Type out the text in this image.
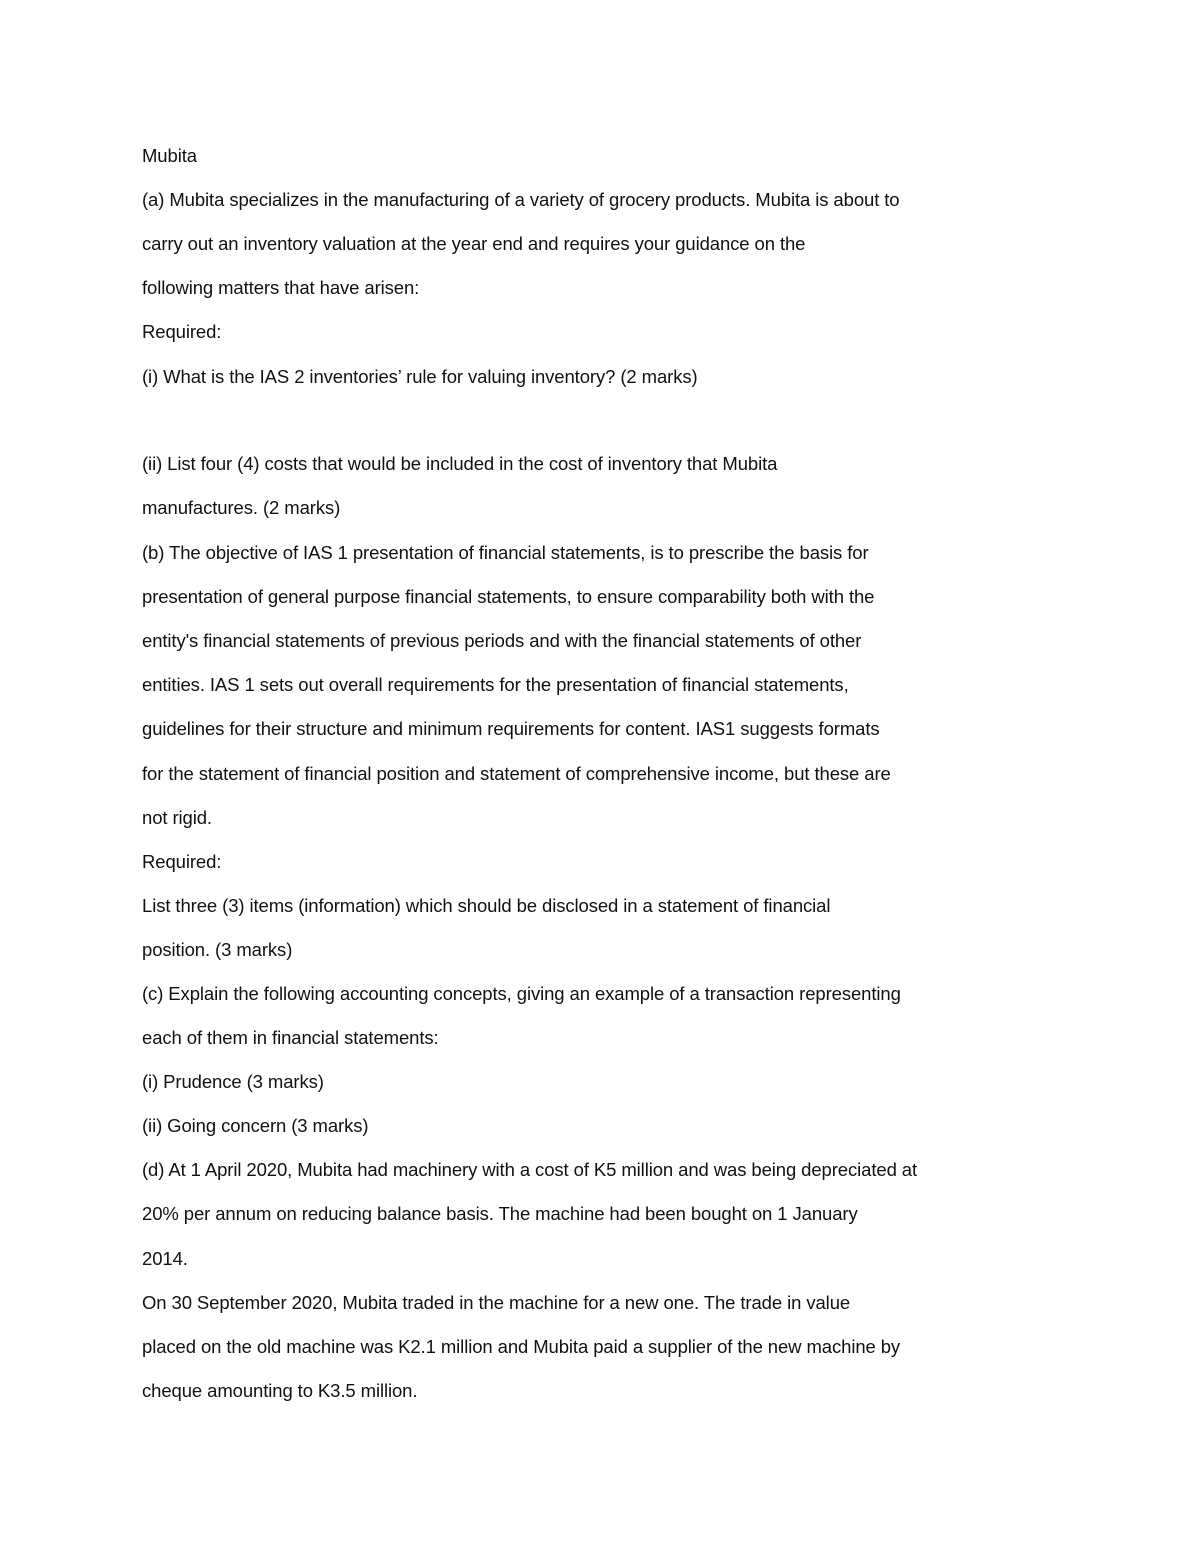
Mubita

(a) Mubita specializes in the manufacturing of a variety of grocery products. Mubita is about to

carry out an inventory valuation at the year end and requires your guidance on the

following matters that have arisen:

Required:

(i) What is the IAS 2 inventories’ rule for valuing inventory? (2 marks)

(ii) List four (4) costs that would be included in the cost of inventory that Mubita

manufactures. (2 marks)

(b) The objective of IAS 1 presentation of financial statements, is to prescribe the basis for

presentation of general purpose financial statements, to ensure comparability both with the

entity's financial statements of previous periods and with the financial statements of other

entities. IAS 1 sets out overall requirements for the presentation of financial statements,

guidelines for their structure and minimum requirements for content. IAS1 suggests formats

for the statement of financial position and statement of comprehensive income, but these are

not rigid.

Required:

List three (3) items (information) which should be disclosed in a statement of financial

position. (3 marks)

(c) Explain the following accounting concepts, giving an example of a transaction representing

each of them in financial statements:

(i) Prudence (3 marks)

(ii) Going concern (3 marks)

(d) At 1 April 2020, Mubita had machinery with a cost of K5 million and was being depreciated at

20% per annum on reducing balance basis. The machine had been bought on 1 January

2014.

On 30 September 2020, Mubita traded in the machine for a new one. The trade in value

placed on the old machine was K2.1 million and Mubita paid a supplier of the new machine by

cheque amounting to K3.5 million.
